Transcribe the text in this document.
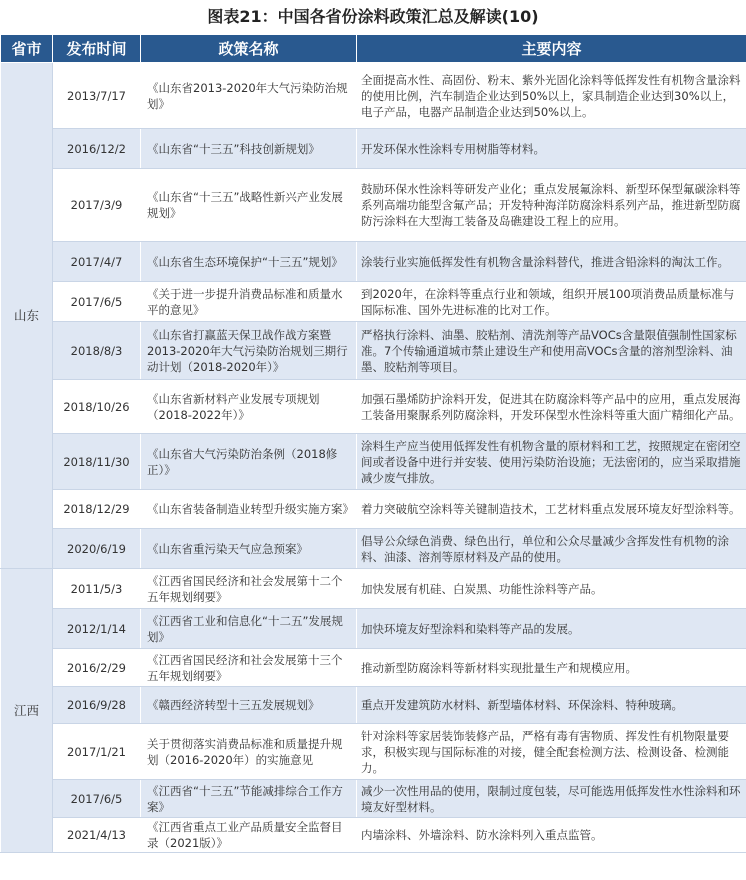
图表21：中国各省份涂料政策汇总及解读(10)
省市	发布时间	政策名称	主要内容
山东	2013/7/17	《山东省2013-2020年大气污染防治规划》	全面提高水性、高固份、粉末、紫外光固化涂料等低挥发性有机物含量涂料的使用比例，汽车制造企业达到50%以上，家具制造企业达到30%以上，电子产品，电器产品制造企业达到50%以上。
	2016/12/2	《山东省“十三五”科技创新规划》	开发环保水性涂料专用树脂等材料。
	2017/3/9	《山东省“十三五”战略性新兴产业发展规划》	鼓励环保水性涂料等研发产业化；重点发展氟涂料、新型环保型氟碳涂料等系列高端功能型含氟产品；开发特种海洋防腐涂料系列产品，推进新型防腐防污涂料在大型海工装备及岛礁建设工程上的应用。
	2017/4/7	《山东省生态环境保护“十三五”规划》	涂装行业实施低挥发性有机物含量涂料替代，推进含铅涂料的淘汰工作。
	2017/6/5	《关于进一步提升消费品标准和质量水平的意见》	到2020年，在涂料等重点行业和领域，组织开展100项消费品质量标准与国际标准、国外先进标准的比对工作。
	2018/8/3	《山东省打赢蓝天保卫战作战方案暨2013-2020年大气污染防治规划三期行动计划（2018-2020年）》	严格执行涂料、油墨、胶粘剂、清洗剂等产品VOCs含量限值强制性国家标准。7个传输通道城市禁止建设生产和使用高VOCs含量的溶剂型涂料、油墨、胶粘剂等项目。
	2018/10/26	《山东省新材料产业发展专项规划（2018-2022年）》	加强石墨烯防护涂料开发，促进其在防腐涂料等产品中的应用，重点发展海工装备用聚脲系列防腐涂料，开发环保型水性涂料等重大面广精细化产品。
	2018/11/30	《山东省大气污染防治条例（2018修正）》	涂料生产应当使用低挥发性有机物含量的原材料和工艺，按照规定在密闭空间或者设备中进行并安装、使用污染防治设施；无法密闭的，应当采取措施减少废气排放。
	2018/12/29	《山东省装备制造业转型升级实施方案》	着力突破航空涂料等关键制造技术，工艺材料重点发展环境友好型涂料等。
	2020/6/19	《山东省重污染天气应急预案》	倡导公众绿色消费、绿色出行，单位和公众尽量减少含挥发性有机物的涂料、油漆、溶剂等原材料及产品的使用。
江西	2011/5/3	《江西省国民经济和社会发展第十二个五年规划纲要》	加快发展有机硅、白炭黑、功能性涂料等产品。
	2012/1/14	《江西省工业和信息化“十二五”发展规划》	加快环境友好型涂料和染料等产品的发展。
	2016/2/29	《江西省国民经济和社会发展第十三个五年规划纲要》	推动新型防腐涂料等新材料实现批量生产和规模应用。
	2016/9/28	《赣西经济转型十三五发展规划》	重点开发建筑防水材料、新型墙体材料、环保涂料、特种玻璃。
	2017/1/21	关于贯彻落实消费品标准和质量提升规划（2016-2020年）的实施意见	针对涂料等家居装饰装修产品，严格有毒有害物质、挥发性有机物限量要求，积极实现与国际标准的对接，健全配套检测方法、检测设备、检测能力。
	2017/6/5	《江西省“十三五”节能减排综合工作方案》	减少一次性用品的使用，限制过度包装，尽可能选用低挥发性水性涂料和环境友好型材料。
	2021/4/13	《江西省重点工业产品质量安全监督目录（2021版）》	内墙涂料、外墙涂料、防水涂料列入重点监管。
